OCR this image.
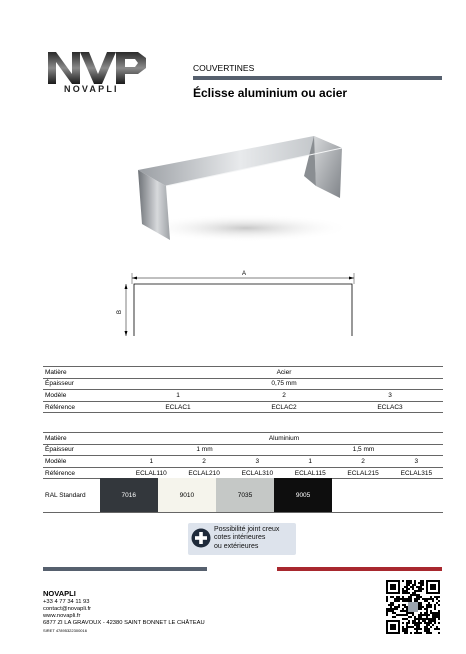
NOVAPLI
COUVERTINES
Éclisse aluminium ou acier
A
B
Matière	Acier		
Épaisseur	0,75 mm		
Modèle	1	2	3
Référence	ECLAC1	ECLAC2	ECLAC3
Matière	Aluminium					
Épaisseur	1 mm			1,5 mm		
Modèle	1	2	3	1	2	3
Référence	ECLAL110	ECLAL210	ECLAL310	ECLAL115	ECLAL215	ECLAL315
RAL Standard	7016	9010	7035	9005	
Possibilité joint creux
cotes intérieures
ou extérieures
NOVAPLI
+33 4 77 34 11 93
contact@novapli.fr
www.novapli.fr
6877 ZI LA GRAVOUX - 42380 SAINT BONNET LE CHÂTEAU
SIRET 47895322300016
